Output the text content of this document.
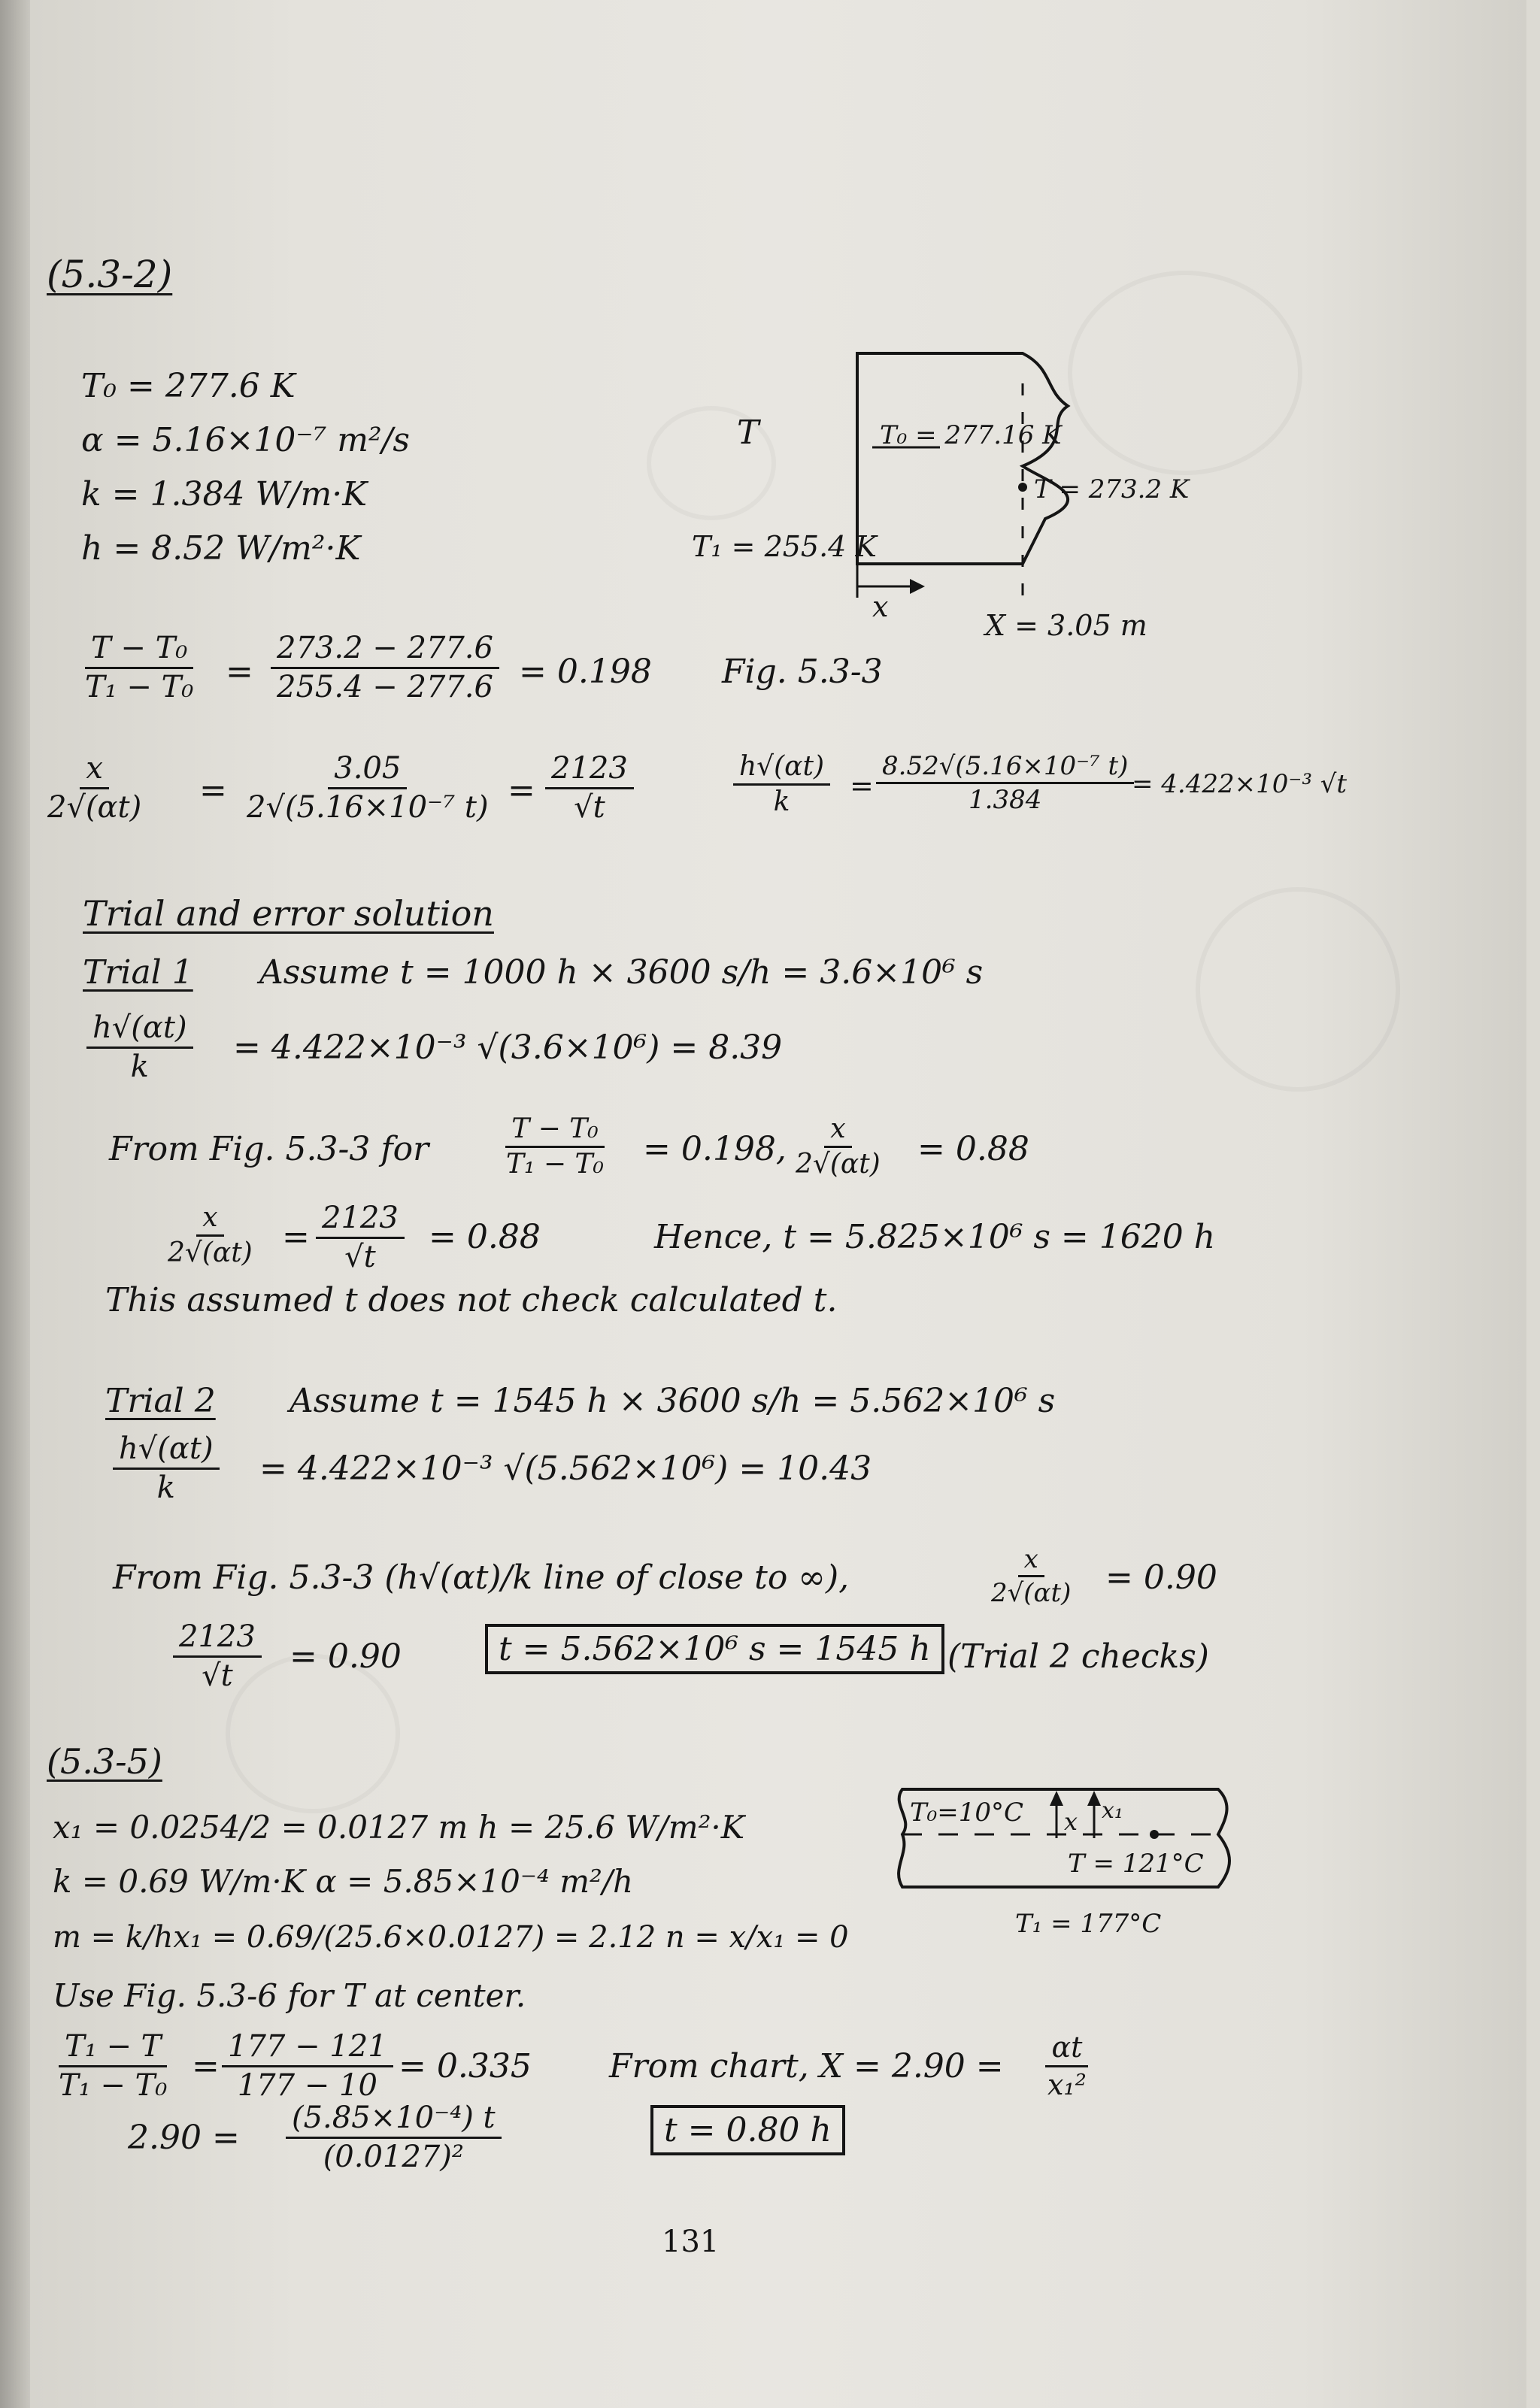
(5.3-2)
T₀ = 277.6 K
α = 5.16×10⁻⁷ m²/s
k = 1.384 W/m·K
h = 8.52 W/m²·K
T	T₀ = 277.16 K
T = 273.2 K
T₁ = 255.4 K
x
X = 3.05 m
$\frac{\text{T − T₀}}{\text{T₁ − T₀}} = \frac{273.2 - 277.6}{255.4 - 277.6} = 0.198$ Fig. 5.3-3
$\frac{x}{2√(\alpha t)} = \frac{3.05}{\text{2√(5.16×10⁻⁷ t)}} = \frac{2123}{√t}$	$\frac{h√(\alpha t)}{k} = \frac{\text{8.52√(5.16×10⁻⁷ t)}}{1.384}$
= 4.422×10⁻³ √t
Trial and error solution
Trial 1 Assume t = 1000 h × 3600 s/h = 3.6×10⁶ s
$\frac{h√(\alpha t)}{k} = 4.422\times 10^{-3}$ √(3.6×10⁶) = 8.39
From Fig. 5.3-3 for	$\frac{\text{T − T₀}}{\text{T₁ − T₀}} = 0.198$, $\frac{x}{2√(\alpha t)} = 0.88$
$\frac{x}{2√(\alpha t)} = \frac{2123}{√t} = 0.88$	Hence, t = 5.825×10⁶ s = 1620 h
This assumed t does not check calculated t.
Trial 2 Assume t = 1545 h × 3600 s/h = 5.562×10⁶ s
$\frac{h√(\alpha t)}{k} = 4.422\times 10^{-3}$ √(5.562×10⁶) = 10.43
From Fig. 5.3-3 (h√(αt)/k line of close to ∞),	$\frac{x}{2√(\alpha t)} = 0.90$
$\frac{2123}{√t} = 0.90$	t = 5.562×10⁶ s = 1545 h (Trial 2 checks)
(5.3-5)
x₁ = 0.0254/2 = 0.0127 m h = 25.6 W/m²·K
k = 0.69 W/m·K α = 5.85×10⁻⁴ m²/h
m = k/hx₁ = 0.69/(25.6×0.0127) = 2.12 n = x/x₁ = 0
Use Fig. 5.3-6 for T at center.
T₀=10°C x x₁
T = 121°C
T₁ = 177°C
$\frac{\text{T₁ − T}}{\text{T₁ − T₀}} = \frac{177 - 121}{177 - 10} = 0.335$ From chart, $X = 2.90 = \frac{\alpha t}{\text{x₁²}}$
$2.90 = \frac{\text{(5.85×10⁻⁴) t}}{\text{(0.0127)²}}$	t = 0.80 h
131
